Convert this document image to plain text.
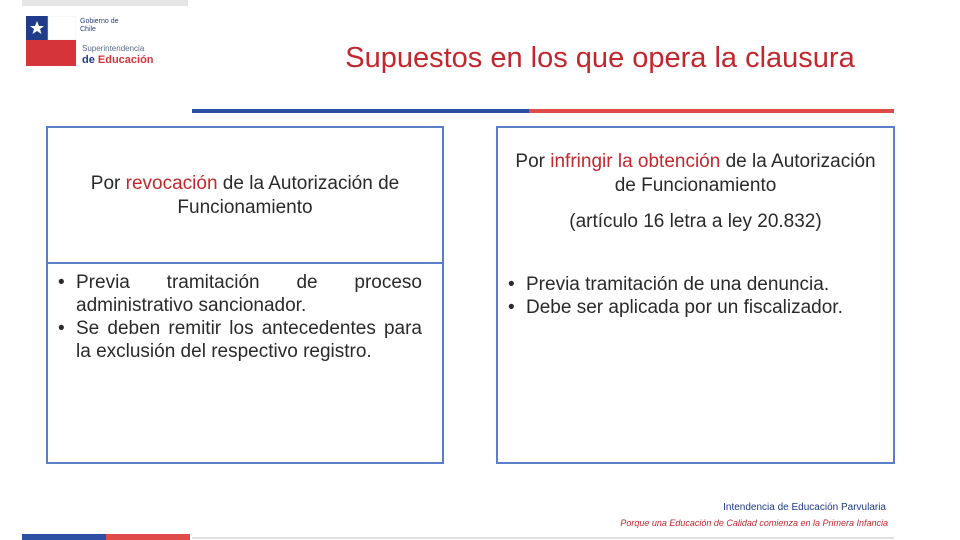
Gobierno de Chile
Superintendencia
de Educación	Supuestos en los que opera la clausura
Por revocación de la Autorización de Funcionamiento
• Previa tramitación de proceso administrativo sancionador.
• Se deben remitir los antecedentes para la exclusión del respectivo registro.
Por infringir la obtención de la Autorización de Funcionamiento
(artículo 16 letra a ley 20.832)
• Previa tramitación de una denuncia.
• Debe ser aplicada por un fiscalizador.
Intendencia de Educación Parvularia
Porque una Educación de Calidad comienza en la Primera Infancia
